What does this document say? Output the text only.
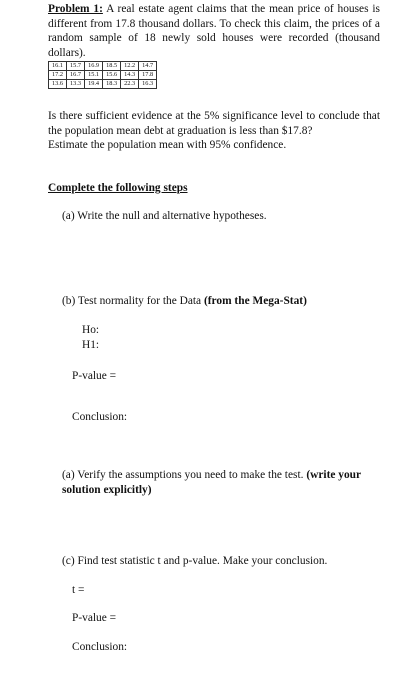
Problem 1: A real estate agent claims that the mean price of houses is different from 17.8 thousand dollars. To check this claim, the prices of a random sample of 18 newly sold houses were recorded (thousand dollars).
16.1	15.7	16.9	18.5	12.2	14.7
17.2	16.7	15.1	15.6	14.3	17.8
13.6	13.3	19.4	18.3	22.3	16.3
Is there sufficient evidence at the 5% significance level to conclude that the population mean debt at graduation is less than $17.8?
Estimate the population mean with 95% confidence.
Complete the following steps
(a) Write the null and alternative hypotheses.
(b) Test normality for the Data (from the Mega-Stat)
Ho:
H1:
P-value =
Conclusion:
(a) Verify the assumptions you need to make the test. (write your solution explicitly)
(c) Find test statistic t and p-value. Make your conclusion.
t =
P-value =
Conclusion:
